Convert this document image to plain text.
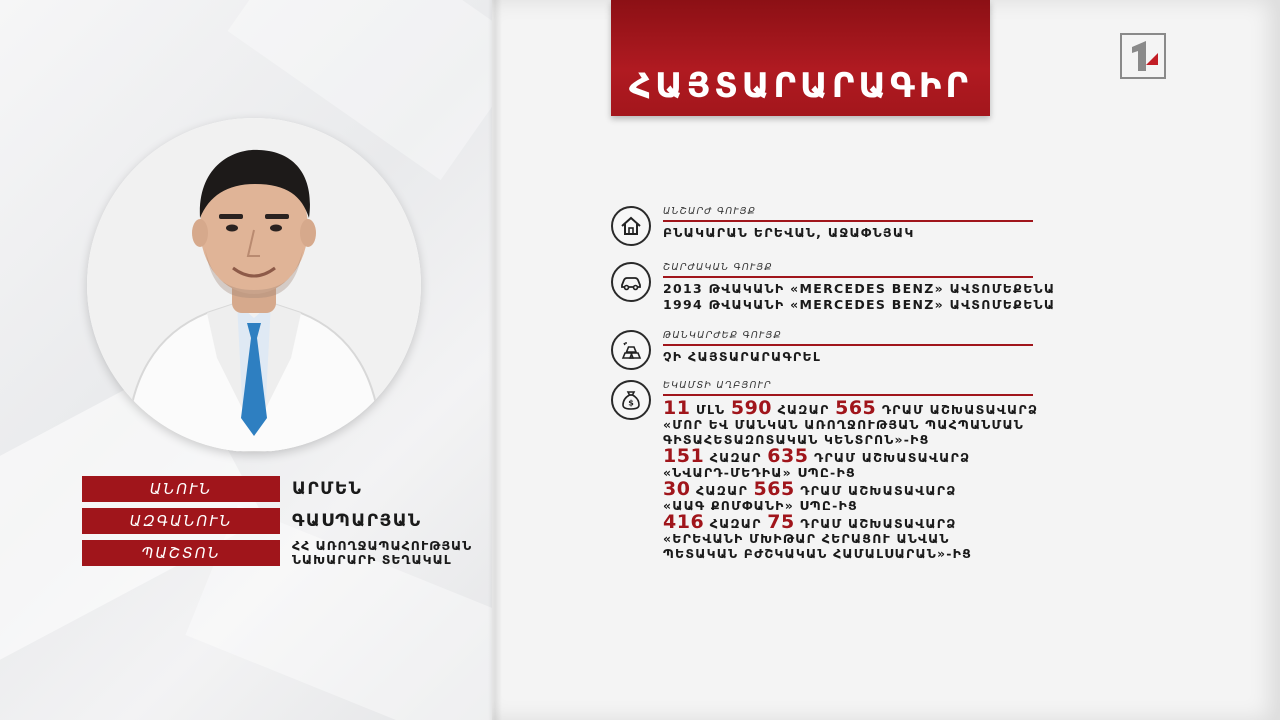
ԱՆՈՒՆ	ԱՐՄԵՆ
ԱԶԳԱՆՈՒՆ	ԳԱՍՊԱՐՅԱՆ
ՊԱՇՏՈՆ	ՀՀ ԱՌՈՂՋԱՊԱՀՈՒԹՅԱՆ
ՆԱԽԱՐԱՐԻ ՏԵՂԱԿԱԼ
ՀԱՅՏԱՐԱՐԱԳԻՐ
ԱՆՇԱՐԺ ԳՈՒՅՔ
ԲՆԱԿԱՐԱՆ ԵՐԵՎԱՆ, ԱՋԱՓՆՅԱԿ
ՇԱՐԺԱԿԱՆ ԳՈՒՅՔ
2013 ԹՎԱԿԱՆԻ «MERCEDES BENZ» ԱՎՏՈՄԵՔԵՆԱ
1994 ԹՎԱԿԱՆԻ «MERCEDES BENZ» ԱՎՏՈՄԵՔԵՆԱ
ԹԱՆԿԱՐԺԵՔ ԳՈՒՅՔ
ՉԻ ՀԱՅՏԱՐԱՐԱԳՐԵԼ
$
ԵԿԱՄՏԻ ԱՂԲՅՈՒՐ
11 ՄԼՆ 590 ՀԱԶԱՐ 565 ԴՐԱՄ ԱՇԽԱՏԱՎԱՐՁ
«ՄՈՐ ԵՎ ՄԱՆԿԱՆ ԱՌՈՂՋՈՒԹՅԱՆ ՊԱՀՊԱՆՄԱՆ
ԳԻՏԱՀԵՏԱԶՈՏԱԿԱՆ ԿԵՆՏՐՈՆ»-ԻՑ
151 ՀԱԶԱՐ 635 ԴՐԱՄ ԱՇԽԱՏԱՎԱՐՁ
«ՆՎԱՐԴ-ՄԵԴԻԱ» ՍՊԸ-ԻՑ
30 ՀԱԶԱՐ 565 ԴՐԱՄ ԱՇԽԱՏԱՎԱՐՁ
«ԱԱԳ ՔՈՄՓԱՆԻ» ՍՊԸ-ԻՑ
416 ՀԱԶԱՐ 75 ԴՐԱՄ ԱՇԽԱՏԱՎԱՐՁ
«ԵՐԵՎԱՆԻ ՄԽԻԹԱՐ ՀԵՐԱՑՈՒ ԱՆՎԱՆ
ՊԵՏԱԿԱՆ ԲԺՇԿԱԿԱՆ ՀԱՄԱԼՍԱՐԱՆ»-ԻՑ
